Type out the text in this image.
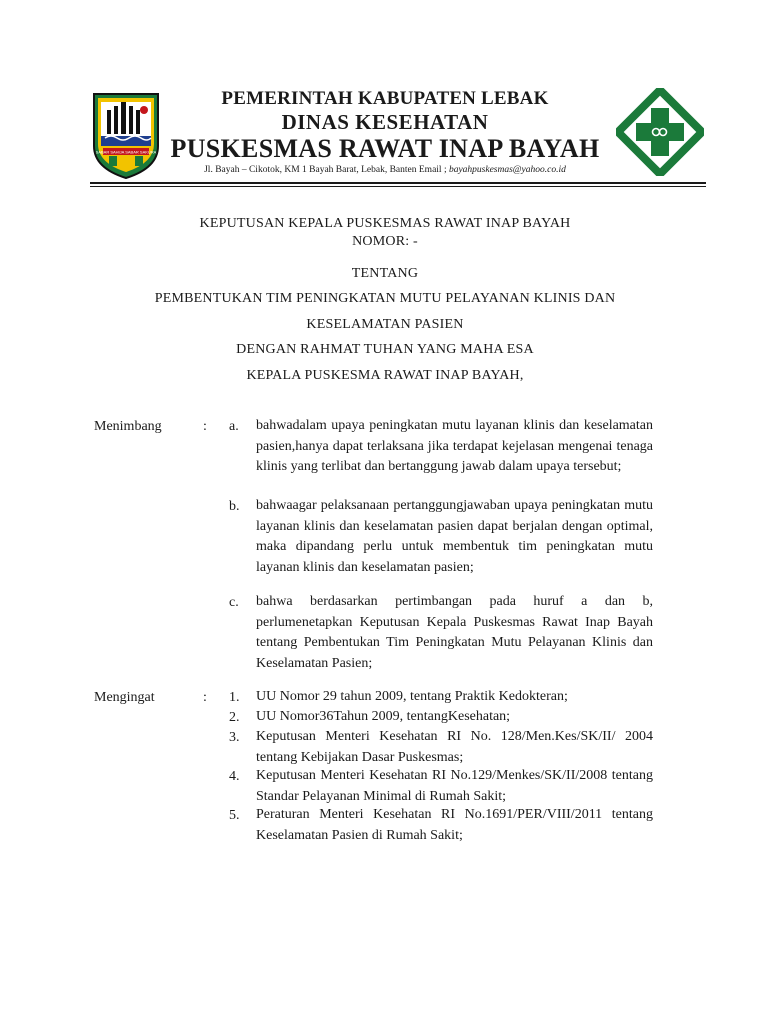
SABAR SAHIJA SABAR SAKURA
PEMERINTAH KABUPATEN LEBAK
DINAS KESEHATAN
PUSKESMAS RAWAT INAP BAYAH
Jl. Bayah – Cikotok, KM 1 Bayah Barat, Lebak, Banten Email ; bayahpuskesmas@yahoo.co.id
KEPUTUSAN KEPALA PUSKESMAS RAWAT INAP BAYAH
NOMOR: -
TENTANG
PEMBENTUKAN TIM PENINGKATAN MUTU PELAYANAN KLINIS DAN
KESELAMATAN PASIEN
DENGAN RAHMAT TUHAN YANG MAHA ESA
KEPALA PUSKESMA RAWAT INAP BAYAH,
Menimbang	: a. bahwadalam upaya peningkatan mutu layanan klinis dan keselamatan pasien,hanya dapat terlaksana jika terdapat kejelasan mengenai tenaga klinis yang terlibat dan bertanggung jawab dalam upaya tersebut;
b. bahwaagar pelaksanaan pertanggungjawaban upaya peningkatan mutu layanan klinis dan keselamatan pasien dapat berjalan dengan optimal, maka dipandang perlu untuk membentuk tim peningkatan mutu layanan klinis dan keselamatan pasien;
c. bahwa berdasarkan pertimbangan pada huruf a dan b, perlumenetapkan Keputusan Kepala Puskesmas Rawat Inap Bayah tentang Pembentukan Tim Peningkatan Mutu Pelayanan Klinis dan Keselamatan Pasien;
Mengingat	: 1. UU Nomor 29 tahun 2009, tentang Praktik Kedokteran;
2. UU Nomor36Tahun 2009, tentangKesehatan;
3. Keputusan Menteri Kesehatan RI No. 128/Men.Kes/SK/II/ 2004 tentang Kebijakan Dasar Puskesmas;
4. Keputusan Menteri Kesehatan RI No.129/Menkes/SK/II/2008 tentang Standar Pelayanan Minimal di Rumah Sakit;
5. Peraturan Menteri Kesehatan RI No.1691/PER/VIII/2011 tentang Keselamatan Pasien di Rumah Sakit;
